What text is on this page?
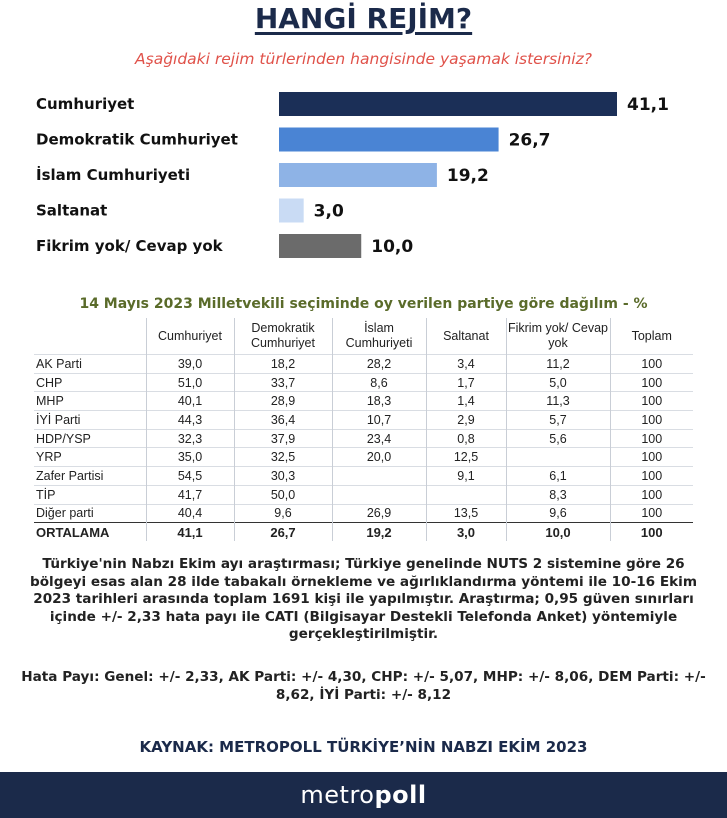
HANGİ REJİM?
Aşağıdaki rejim türlerinden hangisinde yaşamak istersiniz?
Cumhuriyet	41,1
Demokratik Cumhuriyet	26,7
İslam Cumhuriyeti	19,2
Saltanat	3,0
Fikrim yok/ Cevap yok	10,0
14 Mayıs 2023 Milletvekili seçiminde oy verilen partiye göre dağılım - %
	Cumhuriyet	Demokratik Cumhuriyet	İslam Cumhuriyeti	Saltanat	Fikrim yok/ Cevap yok	Toplam
AK Parti	39,0	18,2	28,2	3,4	11,2	100
CHP	51,0	33,7	8,6	1,7	5,0	100
MHP	40,1	28,9	18,3	1,4	11,3	100
İYİ Parti	44,3	36,4	10,7	2,9	5,7	100
HDP/YSP	32,3	37,9	23,4	0,8	5,6	100
YRP	35,0	32,5	20,0	12,5		100
Zafer Partisi	54,5	30,3		9,1	6,1	100
TİP	41,7	50,0			8,3	100
Diğer parti	40,4	9,6	26,9	13,5	9,6	100
ORTALAMA	41,1	26,7	19,2	3,0	10,0	100
Türkiye'nin Nabzı Ekim ayı araştırması; Türkiye genelinde NUTS 2 sistemine göre 26 bölgeyi esas alan 28 ilde tabakalı örnekleme ve ağırlıklandırma yöntemi ile 10-16 Ekim 2023 tarihleri arasında toplam 1691 kişi ile yapılmıştır. Araştırma; 0,95 güven sınırları içinde +/- 2,33 hata payı ile CATI (Bilgisayar Destekli Telefonda Anket) yöntemiyle gerçekleştirilmiştir.
Hata Payı: Genel: +/- 2,33, AK Parti: +/- 4,30, CHP: +/- 5,07, MHP: +/- 8,06, DEM Parti: +/- 8,62, İYİ Parti: +/- 8,12
KAYNAK: METROPOLL TÜRKİYE’NİN NABZI EKİM 2023
metropoll
